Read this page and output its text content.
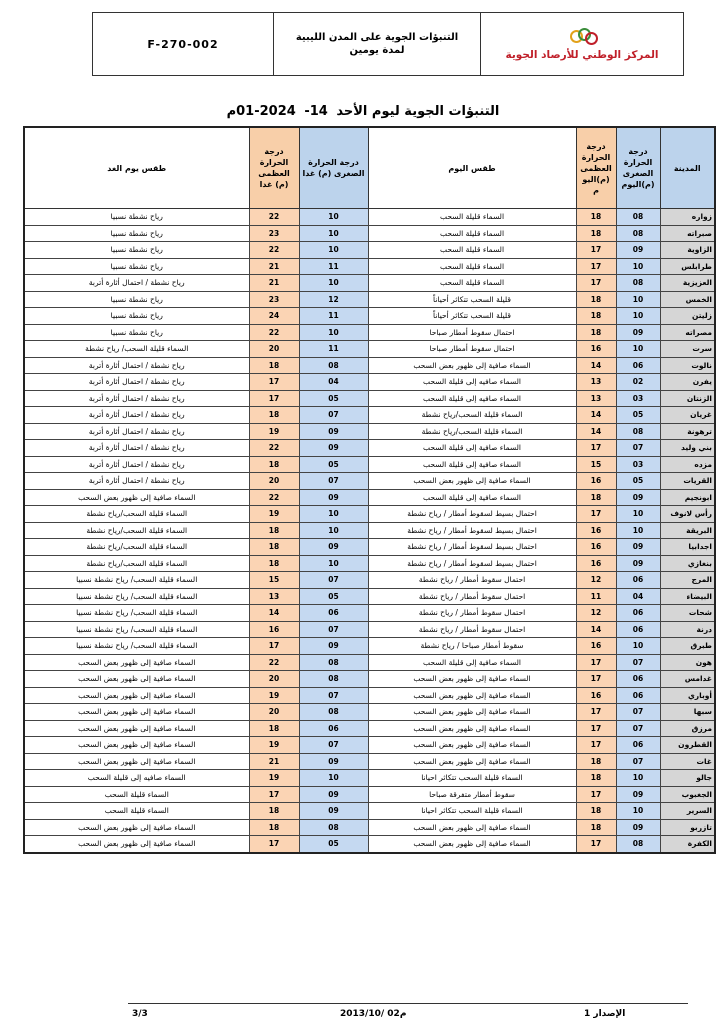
F-270-002	التنبؤات الجوية على المدن الليبية
لمدة يومين	المركز الوطني للأرصاد الجوية
التنبؤات الجوية ليوم الأحد 14- 2024-01م
المدينة	درجة الحرارة الصغرى (م)اليوم	درجة الحرارة العظمى (م)اليو م	طقس اليوم	درجة الحرارة الصغرى (م) غدا	درجة الحرارة العظمى (م) غدا	طقس يوم الغد
زواره	08	18	السماء قليلة السحب	10	22	رياح نشطة نسبيا
صبراته	08	18	السماء قليلة السحب	10	23	رياح نشطة نسبيا
الزاوية	09	17	السماء قليلة السحب	10	22	رياح نشطة نسبيا
طرابلس	10	17	السماء قليلة السحب	11	21	رياح نشطة نسبيا
العزيزية	08	17	السماء قليلة السحب	10	21	رياح نشطة / احتمال أثارة أتربة
الخمس	10	18	قليلة السحب تتكاثر أحياناً	12	23	رياح نشطة نسبيا
زليتن	10	18	قليلة السحب تتكاثر أحياناً	11	24	رياح نشطة نسبيا
مصراته	09	18	احتمال سقوط أمطار صباحا	10	22	رياح نشطة نسبيا
سرت	10	16	احتمال سقوط أمطار صباحا	11	20	السماء قليلة السحب/ رياح نشطة
نالوت	06	14	السماء صافية إلى ظهور بعض السحب	08	18	رياح نشطة / احتمال أثارة أتربة
يفرن	02	13	السماء صافيه إلى قليلة السحب	04	17	رياح نشطة / احتمال أثارة أتربة
الزنتان	03	13	السماء صافيه إلى قليلة السحب	05	17	رياح نشطة / احتمال أثارة أتربة
غريان	05	14	السماء قليلة السحب/رياح نشطة	07	18	رياح نشطة / احتمال أثارة أتربة
ترهونة	08	14	السماء قليلة السحب/رياح نشطة	09	19	رياح نشطة / احتمال أثارة أتربة
بني وليد	07	17	السماء صافية إلى قليلة السحب	09	22	رياح نشطة / احتمال أثارة أتربة
مزده	03	15	السماء صافية إلى قليلة السحب	05	18	رياح نشطة / احتمال أثارة أتربة
القريات	05	16	السماء صافية إلى ظهور بعض السحب	07	20	رياح نشطة / احتمال أثارة أتربة
ابونجيم	09	18	السماء صافية إلى قليلة السحب	09	22	السماء صافية إلى ظهور بعض السحب
رأس لانوف	10	17	احتمال بسيط لسقوط أمطار / رياح نشطة	10	19	السماء قليلة السحب/رياح نشطة
البريقة	10	16	احتمال بسيط لسقوط أمطار / رياح نشطة	10	18	السماء قليلة السحب/رياح نشطة
اجدابيا	09	16	احتمال بسيط لسقوط أمطار / رياح نشطة	09	18	السماء قليلة السحب/رياح نشطة
بنغازي	09	16	احتمال بسيط لسقوط أمطار / رياح نشطة	10	18	السماء قليلة السحب/رياح نشطة
المرج	06	12	احتمال سقوط أمطار / رياح نشطة	07	15	السماء قليلة السحب/ رياح نشطة نسبيا
البيضاء	04	11	احتمال سقوط أمطار / رياح نشطة	05	13	السماء قليلة السحب/ رياح نشطة نسبيا
شحات	06	12	احتمال سقوط أمطار / رياح نشطة	06	14	السماء قليلة السحب/ رياح نشطة نسبيا
درنة	06	14	احتمال سقوط أمطار / رياح نشطة	07	16	السماء قليلة السحب/ رياح نشطة نسبيا
طبرق	10	16	سقوط أمطار صباحا / رياح نشطة	09	17	السماء قليلة السحب/ رياح نشطة نسبيا
هون	07	17	السماء صافية إلى قليلة السحب	08	22	السماء صافية إلى ظهور بعض السحب
غدامس	06	17	السماء صافية إلى ظهور بعض السحب	08	20	السماء صافية إلى ظهور بعض السحب
أوباري	06	16	السماء صافية إلى ظهور بعض السحب	07	19	السماء صافية إلى ظهور بعض السحب
سبها	07	17	السماء صافية إلى ظهور بعض السحب	08	20	السماء صافية إلى ظهور بعض السحب
مرزق	07	17	السماء صافية إلى ظهور بعض السحب	06	18	السماء صافية إلى ظهور بعض السحب
القطرون	06	17	السماء صافية إلى ظهور بعض السحب	07	19	السماء صافية إلى ظهور بعض السحب
غات	07	18	السماء صافية إلى ظهور بعض السحب	09	21	السماء صافية إلى ظهور بعض السحب
جالو	10	18	السماء قليلة السحب تتكاثر احيانا	10	19	السماء صافيه إلى قليلة السحب
الجغبوب	09	17	سقوط أمطار متفرقة صباحا	09	17	السماء قليلة السحب
السرير	10	18	السماء قليلة السحب تتكاثر احيانا	09	18	السماء قليلة السحب
تازربو	09	18	السماء صافية إلى ظهور بعض السحب	08	18	السماء صافية إلى ظهور بعض السحب
الكفرة	08	17	السماء صافية إلى ظهور بعض السحب	05	17	السماء صافية إلى ظهور بعض السحب
الإصدار 1
2013/10/ 02م
3/3
